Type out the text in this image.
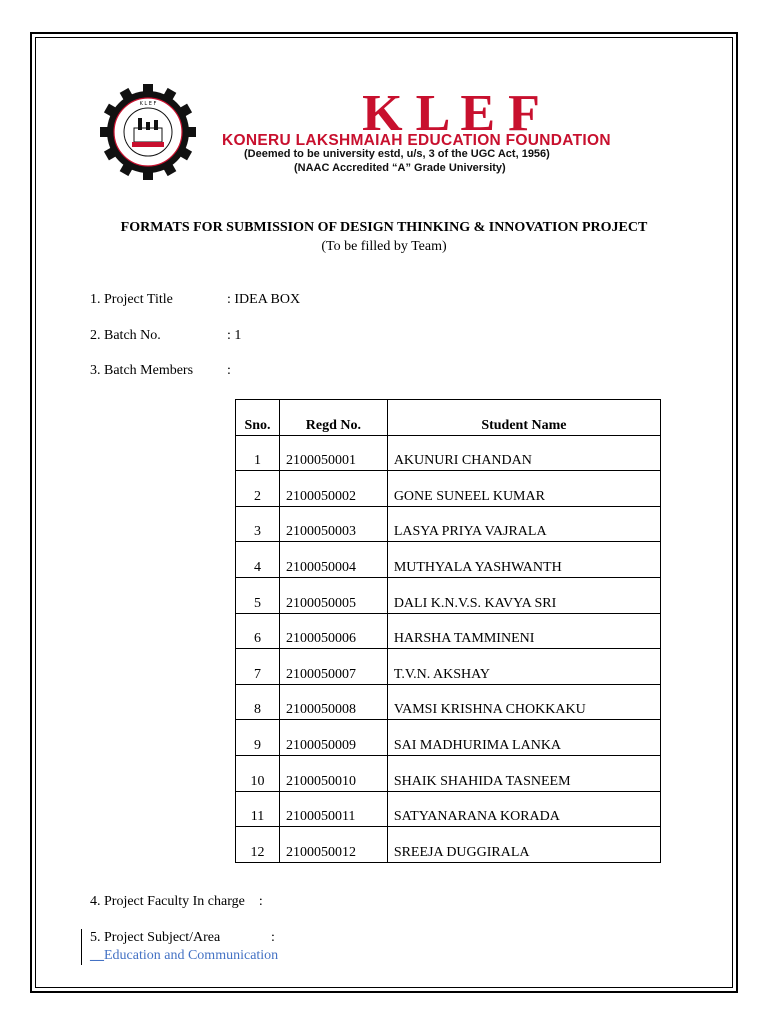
K L E F	K L E F
KONERU LAKSHMAIAH EDUCATION FOUNDATION
(Deemed to be university estd, u/s, 3 of the UGC Act, 1956)
(NAAC Accredited “A” Grade University)
FORMATS FOR SUBMISSION OF DESIGN THINKING & INNOVATION PROJECT
(To be filled by Team)
1. Project Title	: IDEA BOX
2. Batch No.	: 1
3. Batch Members :
Sno.	Regd No.	Student Name
1	2100050001	AKUNURI CHANDAN
2	2100050002	GONE SUNEEL KUMAR
3	2100050003	LASYA PRIYA VAJRALA
4	2100050004	MUTHYALA YASHWANTH
5	2100050005	DALI K.N.V.S. KAVYA SRI
6	2100050006	HARSHA TAMMINENI
7	2100050007	T.V.N. AKSHAY
8	2100050008	VAMSI KRISHNA CHOKKAKU
9	2100050009	SAI MADHURIMA LANKA
10	2100050010	SHAIK SHAHIDA TASNEEM
11	2100050011	SATYANARANA KORADA
12	2100050012	SREEJA DUGGIRALA
4. Project Faculty In charge    :
5. Project Subject/Area	:
__Education and Communication
